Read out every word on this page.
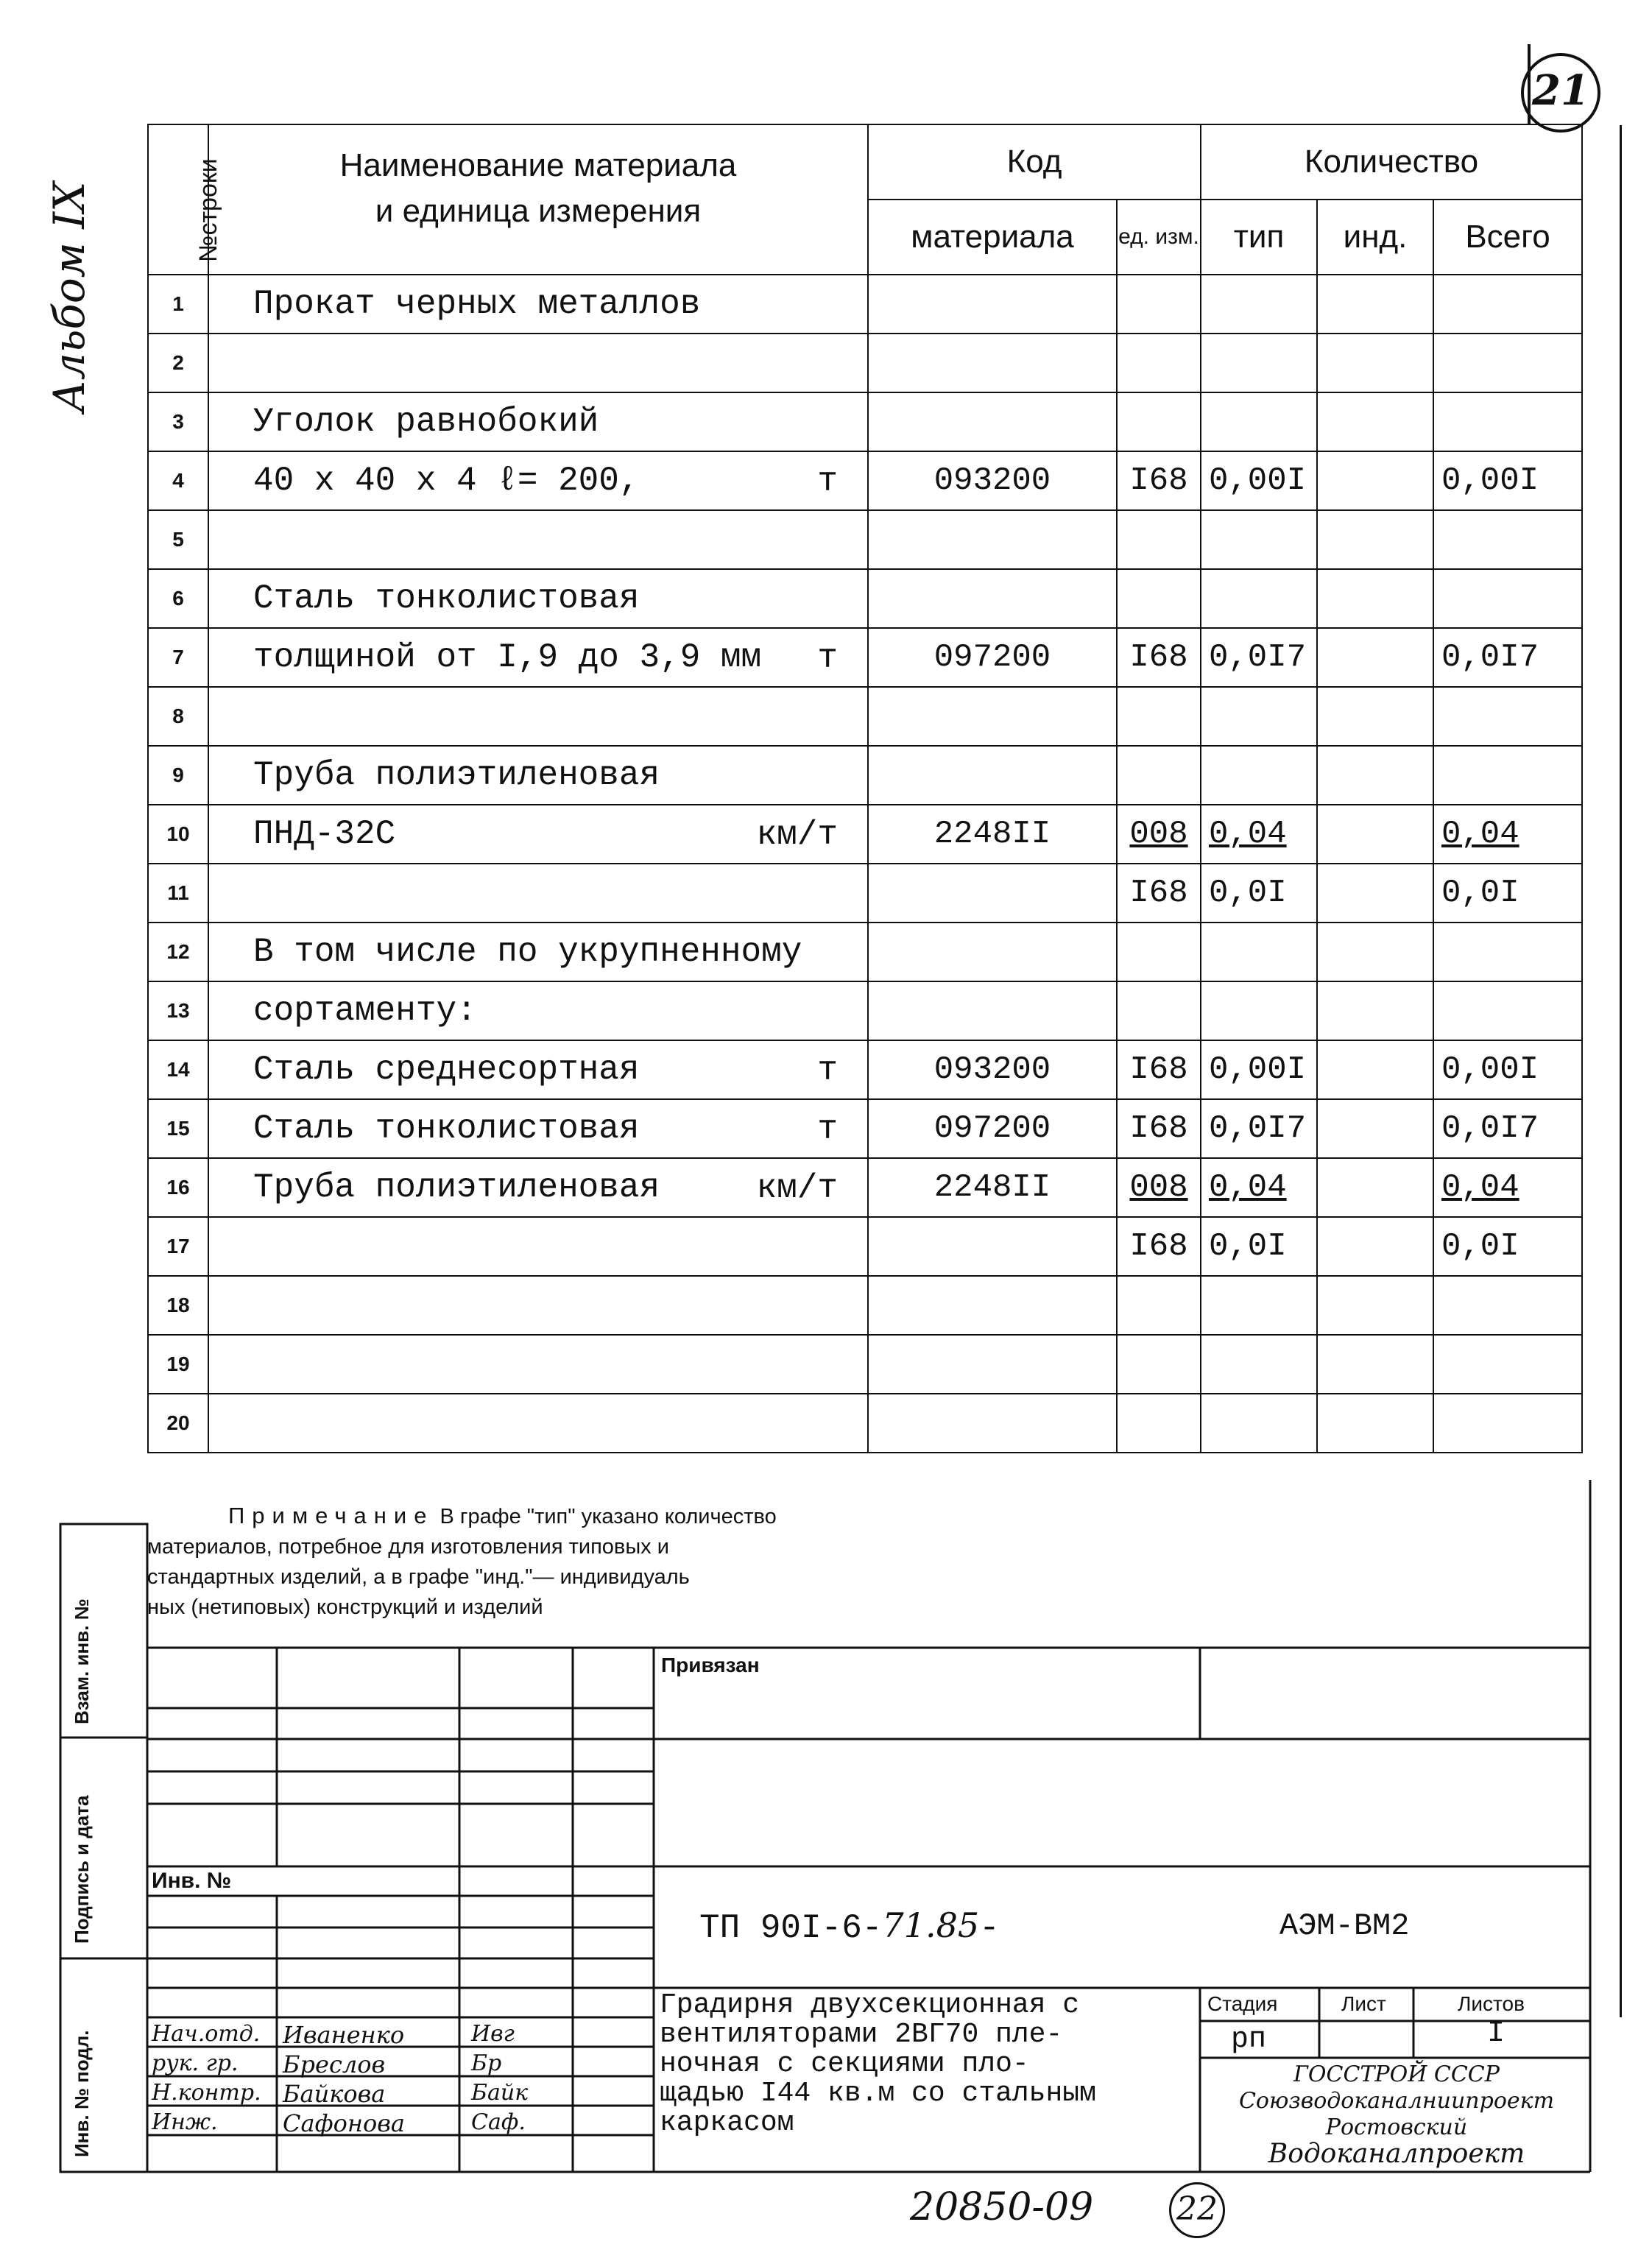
21
Альбом IX	№строки	Наименование материала
и единица измерения	Код		Количество		
		материала	ед. изм.	тип	инд.	Всего
1	Прокат черных металлов

2	

3	Уголок равнобокий

4	40 x 40 x 4 ℓ= 200, т	093200	I68	0,00I		0,00I
5	

6	Сталь тонколистовая

7	толщиной от I,9 до 3,9 мм т	097200	I68	0,0I7		0,0I7
8	

9	Труба полиэтиленовая

10	ПНД-32С км/т	2248II	008	0,04		0,04
11			I68	0,0I		0,0I
12	В том числе по укрупненному

13	сортаменту:

14	Сталь среднесортная т	093200	I68	0,00I		0,00I
15	Сталь тонколистовая т	097200	I68	0,0I7		0,0I7
16	Труба полиэтиленовая км/т	2248II	008	0,04		0,04
17			I68	0,0I		0,0I
18	

19	

20	

Примечание В графе "тип" указано количество
материалов, потребное для изготовления типовых и
стандартных изделий, а в графе "инд."— индивидуаль
ных (нетиповых) конструкций и изделий
Взам. инв. №
Подпись и дата
Инв. № подл.
Привязан
Инв. №
ТП 90I-6-71.85-	АЭМ-ВМ2
Градирня двухсекционная с
вентиляторами 2ВГ70 пле-
ночная с секциями пло-
щадью I44 кв.м со стальным
каркасом
Стадия	Лист	Листов
рп	I
ГОССТРОЙ СССР
Союзводоканалниипроект
Ростовский
Водоканалпроект
Нач.отд. Иваненко	Ивг
рук. гр. Бреслов	Бр
Н.контр. Байкова	Байк
Инж.	Сафонова	Саф.
20850-09	22
